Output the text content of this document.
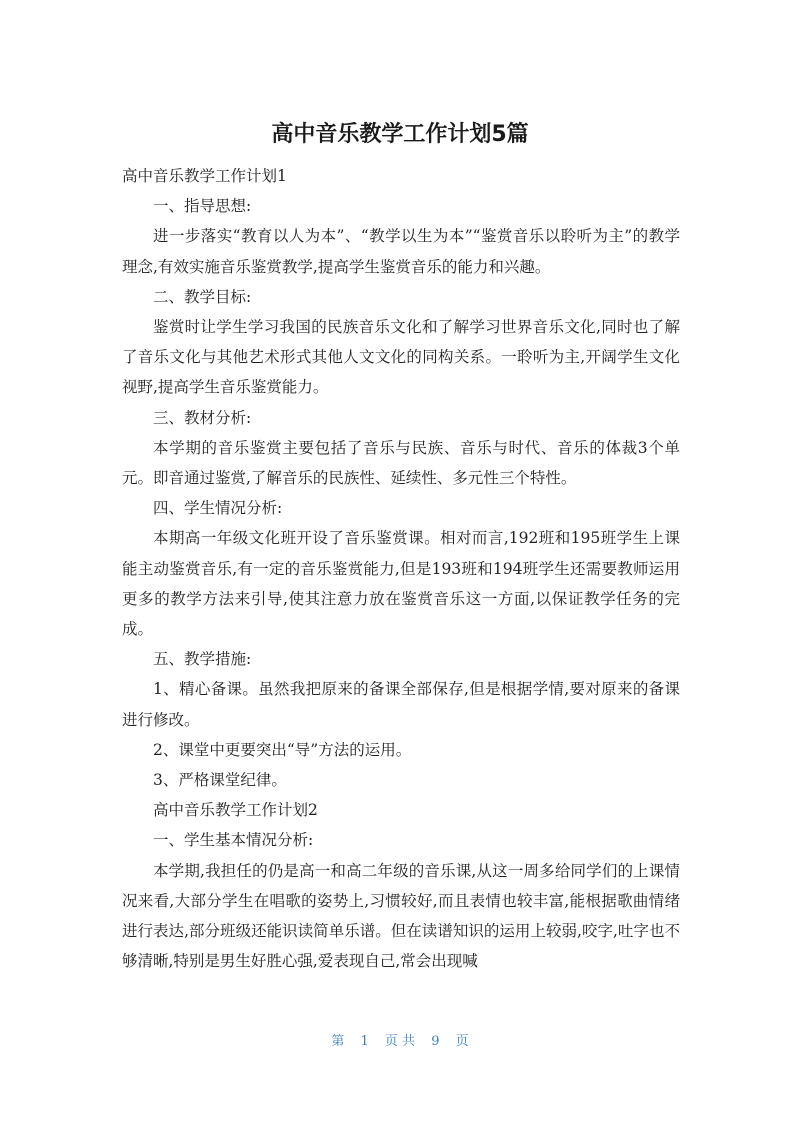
高中音乐教学工作计划5篇

高中音乐教学工作计划1

一、指导思想:

进一步落实“教育以人为本”、“教学以生为本”“鉴赏音乐以聆听为主”的教学理念,有效实施音乐鉴赏教学,提高学生鉴赏音乐的能力和兴趣。

二、教学目标:

鉴赏时让学生学习我国的民族音乐文化和了解学习世界音乐文化,同时也了解了音乐文化与其他艺术形式其他人文文化的同构关系。一聆听为主,开阔学生文化视野,提高学生音乐鉴赏能力。

三、教材分析:

本学期的音乐鉴赏主要包括了音乐与民族、音乐与时代、音乐的体裁3个单元。即音通过鉴赏,了解音乐的民族性、延续性、多元性三个特性。

四、学生情况分析:

本期高一年级文化班开设了音乐鉴赏课。相对而言,192班和195班学生上课能主动鉴赏音乐,有一定的音乐鉴赏能力,但是193班和194班学生还需要教师运用更多的教学方法来引导,使其注意力放在鉴赏音乐这一方面,以保证教学任务的完成。

五、教学措施:

1、精心备课。虽然我把原来的备课全部保存,但是根据学情,要对原来的备课进行修改。

2、课堂中更要突出“导”方法的运用。

3、严格课堂纪律。

高中音乐教学工作计划2

一、学生基本情况分析:

本学期,我担任的仍是高一和高二年级的音乐课,从这一周多给同学们的上课情况来看,大部分学生在唱歌的姿势上,习惯较好,而且表情也较丰富,能根据歌曲情绪进行表达,部分班级还能识读简单乐谱。但在读谱知识的运用上较弱,咬字,吐字也不够清晰,特别是男生好胜心强,爱表现自己,常会出现喊

第 1 页 共 9 页
